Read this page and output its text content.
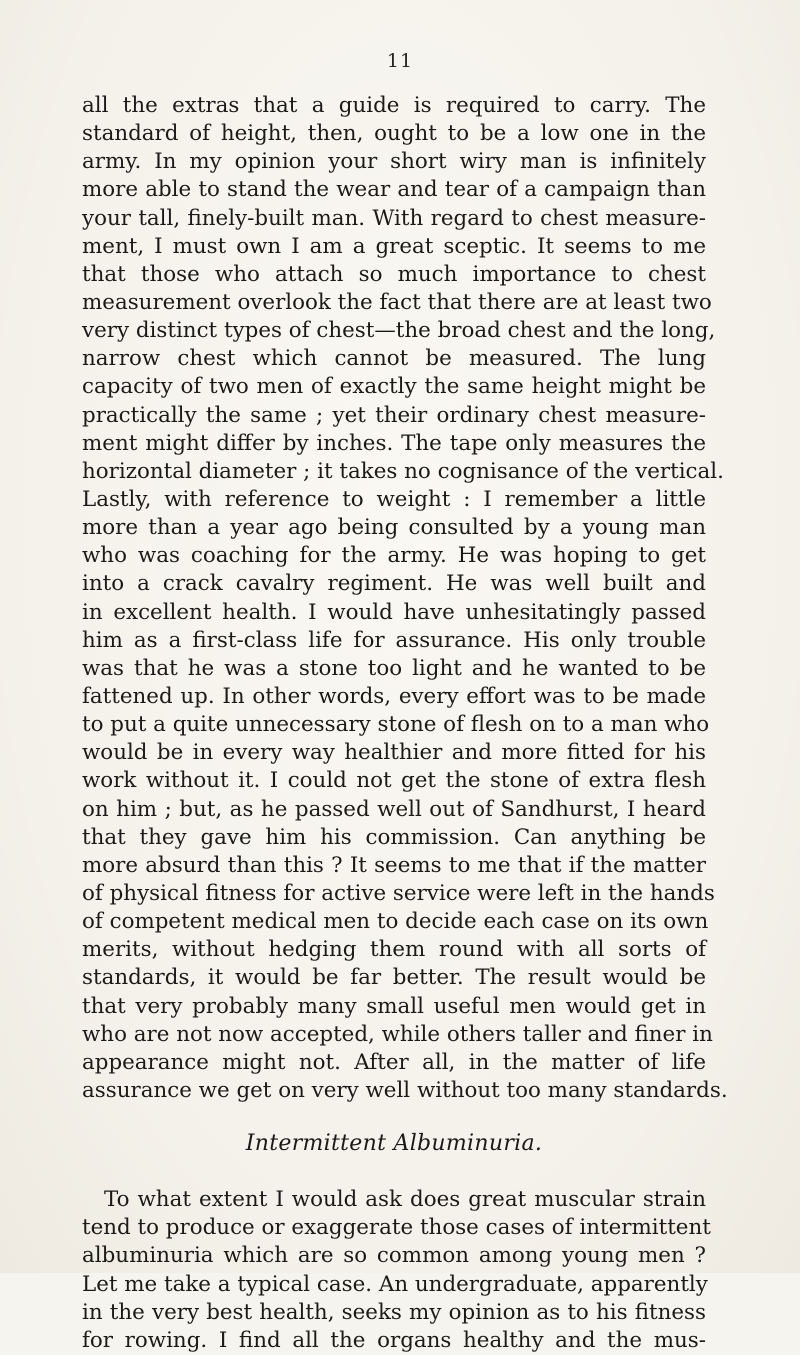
11
all the extras that a guide is required to carry. The
standard of height, then, ought to be a low one in the
army. In my opinion your short wiry man is infinitely
more able to stand the wear and tear of a campaign than
your tall, finely-built man. With regard to chest measure-
ment, I must own I am a great sceptic. It seems to me
that those who attach so much importance to chest
measurement overlook the fact that there are at least two
very distinct types of chest—the broad chest and the long,
narrow chest which cannot be measured. The lung
capacity of two men of exactly the same height might be
practically the same ; yet their ordinary chest measure-
ment might differ by inches. The tape only measures the
horizontal diameter ; it takes no cognisance of the vertical.
Lastly, with reference to weight : I remember a little
more than a year ago being consulted by a young man
who was coaching for the army. He was hoping to get
into a crack cavalry regiment. He was well built and
in excellent health. I would have unhesitatingly passed
him as a first-class life for assurance. His only trouble
was that he was a stone too light and he wanted to be
fattened up. In other words, every effort was to be made
to put a quite unnecessary stone of flesh on to a man who
would be in every way healthier and more fitted for his
work without it. I could not get the stone of extra flesh
on him ; but, as he passed well out of Sandhurst, I heard
that they gave him his commission. Can anything be
more absurd than this ? It seems to me that if the matter
of physical fitness for active service were left in the hands
of competent medical men to decide each case on its own
merits, without hedging them round with all sorts of
standards, it would be far better. The result would be
that very probably many small useful men would get in
who are not now accepted, while others taller and finer in
appearance might not. After all, in the matter of life
assurance we get on very well without too many standards.
Intermittent Albuminuria.
To what extent I would ask does great muscular strain
tend to produce or exaggerate those cases of intermittent
albuminuria which are so common among young men ?
Let me take a typical case. An undergraduate, apparently
in the very best health, seeks my opinion as to his fitness
for rowing. I find all the organs healthy and the mus-
